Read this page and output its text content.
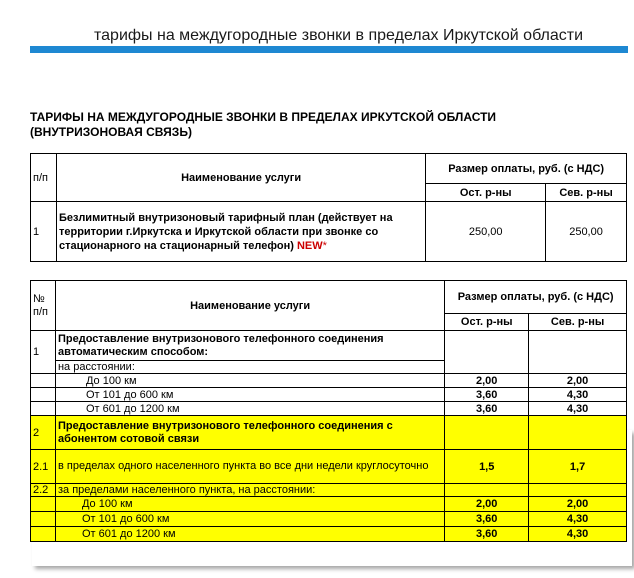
тарифы на междугородные звонки в пределах Иркутской области
ТАРИФЫ НА МЕЖДУГОРОДНЫЕ ЗВОНКИ В ПРЕДЕЛАХ ИРКУТСКОЙ ОБЛАСТИ (ВНУТРИЗОНОВАЯ СВЯЗЬ)
п/п	Наименование услуги	Размер оплаты, руб. (с НДС)	
		Ост. р-ны	Сев. р-ны
1	Безлимитный внутризоновый тарифный план (действует на территории г.Иркутска и Иркутской области при звонке со стационарного на стационарный телефон) NEW*	250,00	250,00
№ п/п	Наименование услуги	Размер оплаты, руб. (с НДС)	
		Ост. р-ны	Сев. р-ны
1	Предоставление внутризонового телефонного соединения автоматическим способом:		
	на расстоянии:		
	До 100 км	2,00	2,00
	От 101 до 600 км	3,60	4,30
	От 601 до 1200 км	3,60	4,30
2	Предоставление внутризонового телефонного соединения с абонентом сотовой связи		
2.1	в пределах одного населенного пункта во все дни недели круглосуточно	1,5	1,7
2.2	за пределами населенного пункта, на расстоянии:		
	До 100 км	2,00	2,00
	От 101 до 600 км	3,60	4,30
	От 601 до 1200 км	3,60	4,30
